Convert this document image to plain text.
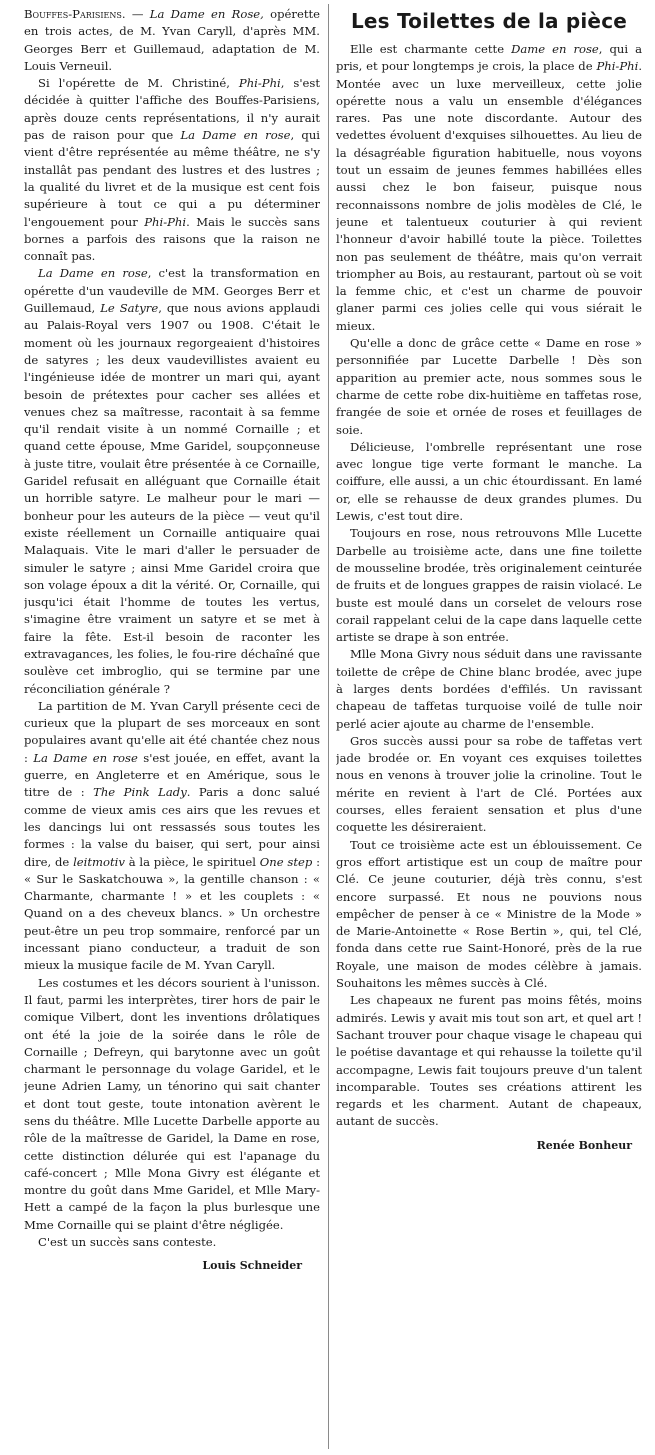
Bouffes-Parisiens. — La Dame en Rose, opérette en trois actes, de M. Yvan Caryll, d'après MM. Georges Berr et Guillemaud, adaptation de M. Louis Verneuil.

Si l'opérette de M. Christiné, Phi-Phi, s'est décidée à quitter l'affiche des Bouffes-Parisiens, après douze cents représentations, il n'y aurait pas de raison pour que La Dame en rose, qui vient d'être représentée au même théâtre, ne s'y installât pas pendant des lustres et des lustres ; la qualité du livret et de la musique est cent fois supérieure à tout ce qui a pu déterminer l'engouement pour Phi-Phi. Mais le succès sans bornes a parfois des raisons que la raison ne connaît pas.

La Dame en rose, c'est la transformation en opérette d'un vaudeville de MM. Georges Berr et Guillemaud, Le Satyre, que nous avions applaudi au Palais-Royal vers 1907 ou 1908. C'était le moment où les journaux regorgeaient d'histoires de satyres ; les deux vaudevillistes avaient eu l'ingénieuse idée de montrer un mari qui, ayant besoin de prétextes pour cacher ses allées et venues chez sa maîtresse, racontait à sa femme qu'il rendait visite à un nommé Cornaille ; et quand cette épouse, Mme Garidel, soupçonneuse à juste titre, voulait être présentée à ce Cornaille, Garidel refusait en alléguant que Cornaille était un horrible satyre. Le malheur pour le mari — bonheur pour les auteurs de la pièce — veut qu'il existe réellement un Cornaille antiquaire quai Malaquais. Vite le mari d'aller le persuader de simuler le satyre ; ainsi Mme Garidel croira que son volage époux a dit la vérité. Or, Cornaille, qui jusqu'ici était l'homme de toutes les vertus, s'imagine être vraiment un satyre et se met à faire la fête. Est-il besoin de raconter les extravagances, les folies, le fou-rire déchaîné que soulève cet imbroglio, qui se termine par une réconciliation générale ?

La partition de M. Yvan Caryll présente ceci de curieux que la plupart de ses morceaux en sont populaires avant qu'elle ait été chantée chez nous : La Dame en rose s'est jouée, en effet, avant la guerre, en Angleterre et en Amérique, sous le titre de : The Pink Lady. Paris a donc salué comme de vieux amis ces airs que les revues et les dancings lui ont ressassés sous toutes les formes : la valse du baiser, qui sert, pour ainsi dire, de leitmotiv à la pièce, le spirituel One step : « Sur le Saskatchouwa », la gentille chanson : « Charmante, charmante ! » et les couplets : « Quand on a des cheveux blancs. » Un orchestre peut-être un peu trop sommaire, renforcé par un incessant piano conducteur, a traduit de son mieux la musique facile de M. Yvan Caryll.

Les costumes et les décors sourient à l'unisson. Il faut, parmi les interprètes, tirer hors de pair le comique Vilbert, dont les inventions drôlatiques ont été la joie de la soirée dans le rôle de Cornaille ; Defreyn, qui barytonne avec un goût charmant le personnage du volage Garidel, et le jeune Adrien Lamy, un ténorino qui sait chanter et dont tout geste, toute intonation avèrent le sens du théâtre. Mlle Lucette Darbelle apporte au rôle de la maîtresse de Garidel, la Dame en rose, cette distinction délurée qui est l'apanage du café-concert ; Mlle Mona Givry est élégante et montre du goût dans Mme Garidel, et Mlle Mary-Hett a campé de la façon la plus burlesque une Mme Cornaille qui se plaint d'être négligée.

C'est un succès sans conteste.

Louis Schneider

Les Toilettes de la pièce

Elle est charmante cette Dame en rose, qui a pris, et pour longtemps je crois, la place de Phi-Phi. Montée avec un luxe merveilleux, cette jolie opérette nous a valu un ensemble d'élégances rares. Pas une note discordante. Autour des vedettes évoluent d'exquises silhouettes. Au lieu de la désagréable figuration habituelle, nous voyons tout un essaim de jeunes femmes habillées elles aussi chez le bon faiseur, puisque nous reconnaissons nombre de jolis modèles de Clé, le jeune et talentueux couturier à qui revient l'honneur d'avoir habillé toute la pièce. Toilettes non pas seulement de théâtre, mais qu'on verrait triompher au Bois, au restaurant, partout où se voit la femme chic, et c'est un charme de pouvoir glaner parmi ces jolies celle qui vous siérait le mieux.

Qu'elle a donc de grâce cette « Dame en rose » personnifiée par Lucette Darbelle ! Dès son apparition au premier acte, nous sommes sous le charme de cette robe dix-huitième en taffetas rose, frangée de soie et ornée de roses et feuillages de soie.

Délicieuse, l'ombrelle représentant une rose avec longue tige verte formant le manche. La coiffure, elle aussi, a un chic étourdissant. En lamé or, elle se rehausse de deux grandes plumes. Du Lewis, c'est tout dire.

Toujours en rose, nous retrouvons Mlle Lucette Darbelle au troisième acte, dans une fine toilette de mousseline brodée, très originalement ceinturée de fruits et de longues grappes de raisin violacé. Le buste est moulé dans un corselet de velours rose corail rappelant celui de la cape dans laquelle cette artiste se drape à son entrée.

Mlle Mona Givry nous séduit dans une ravissante toilette de crêpe de Chine blanc brodée, avec jupe à larges dents bordées d'effilés. Un ravissant chapeau de taffetas turquoise voilé de tulle noir perlé acier ajoute au charme de l'ensemble.

Gros succès aussi pour sa robe de taffetas vert jade brodée or. En voyant ces exquises toilettes nous en venons à trouver jolie la crinoline. Tout le mérite en revient à l'art de Clé. Portées aux courses, elles feraient sensation et plus d'une coquette les désireraient.

Tout ce troisième acte est un éblouissement. Ce gros effort artistique est un coup de maître pour Clé. Ce jeune couturier, déjà très connu, s'est encore surpassé. Et nous ne pouvions nous empêcher de penser à ce « Ministre de la Mode » de Marie-Antoinette « Rose Bertin », qui, tel Clé, fonda dans cette rue Saint-Honoré, près de la rue Royale, une maison de modes célèbre à jamais. Souhaitons les mêmes succès à Clé.

Les chapeaux ne furent pas moins fêtés, moins admirés. Lewis y avait mis tout son art, et quel art ! Sachant trouver pour chaque visage le chapeau qui le poétise davantage et qui rehausse la toilette qu'il accompagne, Lewis fait toujours preuve d'un talent incomparable. Toutes ses créations attirent les regards et les charment. Autant de chapeaux, autant de succès.

Renée Bonheur
